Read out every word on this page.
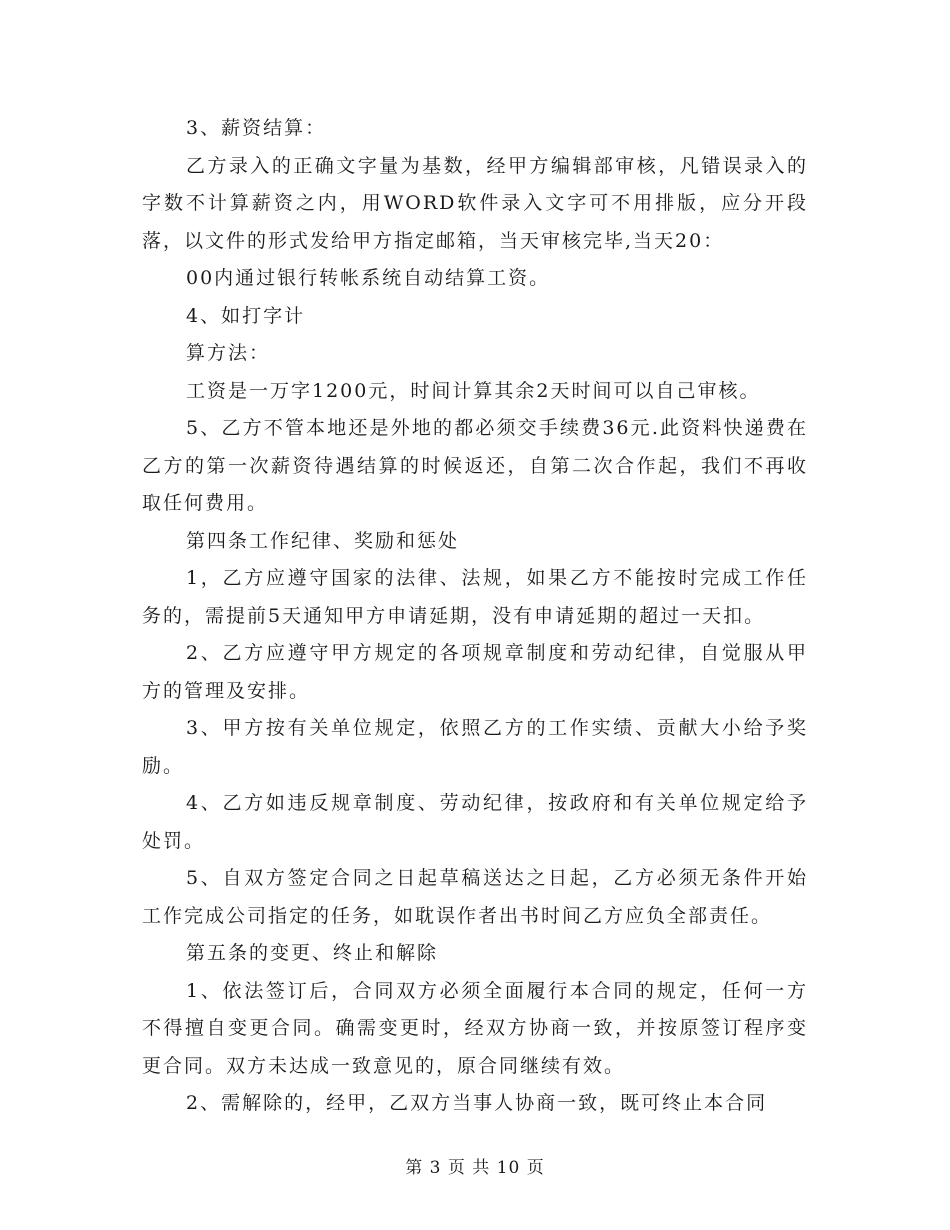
3、薪资结算：

乙方录入的正确文字量为基数，经甲方编辑部审核，凡错误录入的字数不计算薪资之内，用WORD软件录入文字可不用排版，应分开段落，以文件的形式发给甲方指定邮箱，当天审核完毕,当天20：

00内通过银行转帐系统自动结算工资。

4、如打字计

算方法：

工资是一万字1200元，时间计算其余2天时间可以自己审核。

5、乙方不管本地还是外地的都必须交手续费36元.此资料快递费在乙方的第一次薪资待遇结算的时候返还，自第二次合作起，我们不再收取任何费用。

第四条工作纪律、奖励和惩处

1，乙方应遵守国家的法律、法规，如果乙方不能按时完成工作任务的，需提前5天通知甲方申请延期，没有申请延期的超过一天扣。

2、乙方应遵守甲方规定的各项规章制度和劳动纪律，自觉服从甲方的管理及安排。

3、甲方按有关单位规定，依照乙方的工作实绩、贡献大小给予奖励。

4、乙方如违反规章制度、劳动纪律，按政府和有关单位规定给予处罚。

5、自双方签定合同之日起草稿送达之日起，乙方必须无条件开始工作完成公司指定的任务，如耽误作者出书时间乙方应负全部责任。

第五条的变更、终止和解除

1、依法签订后，合同双方必须全面履行本合同的规定，任何一方不得擅自变更合同。确需变更时，经双方协商一致，并按原签订程序变更合同。双方未达成一致意见的，原合同继续有效。

2、需解除的，经甲，乙双方当事人协商一致，既可终止本合同

第 3 页 共 10 页
